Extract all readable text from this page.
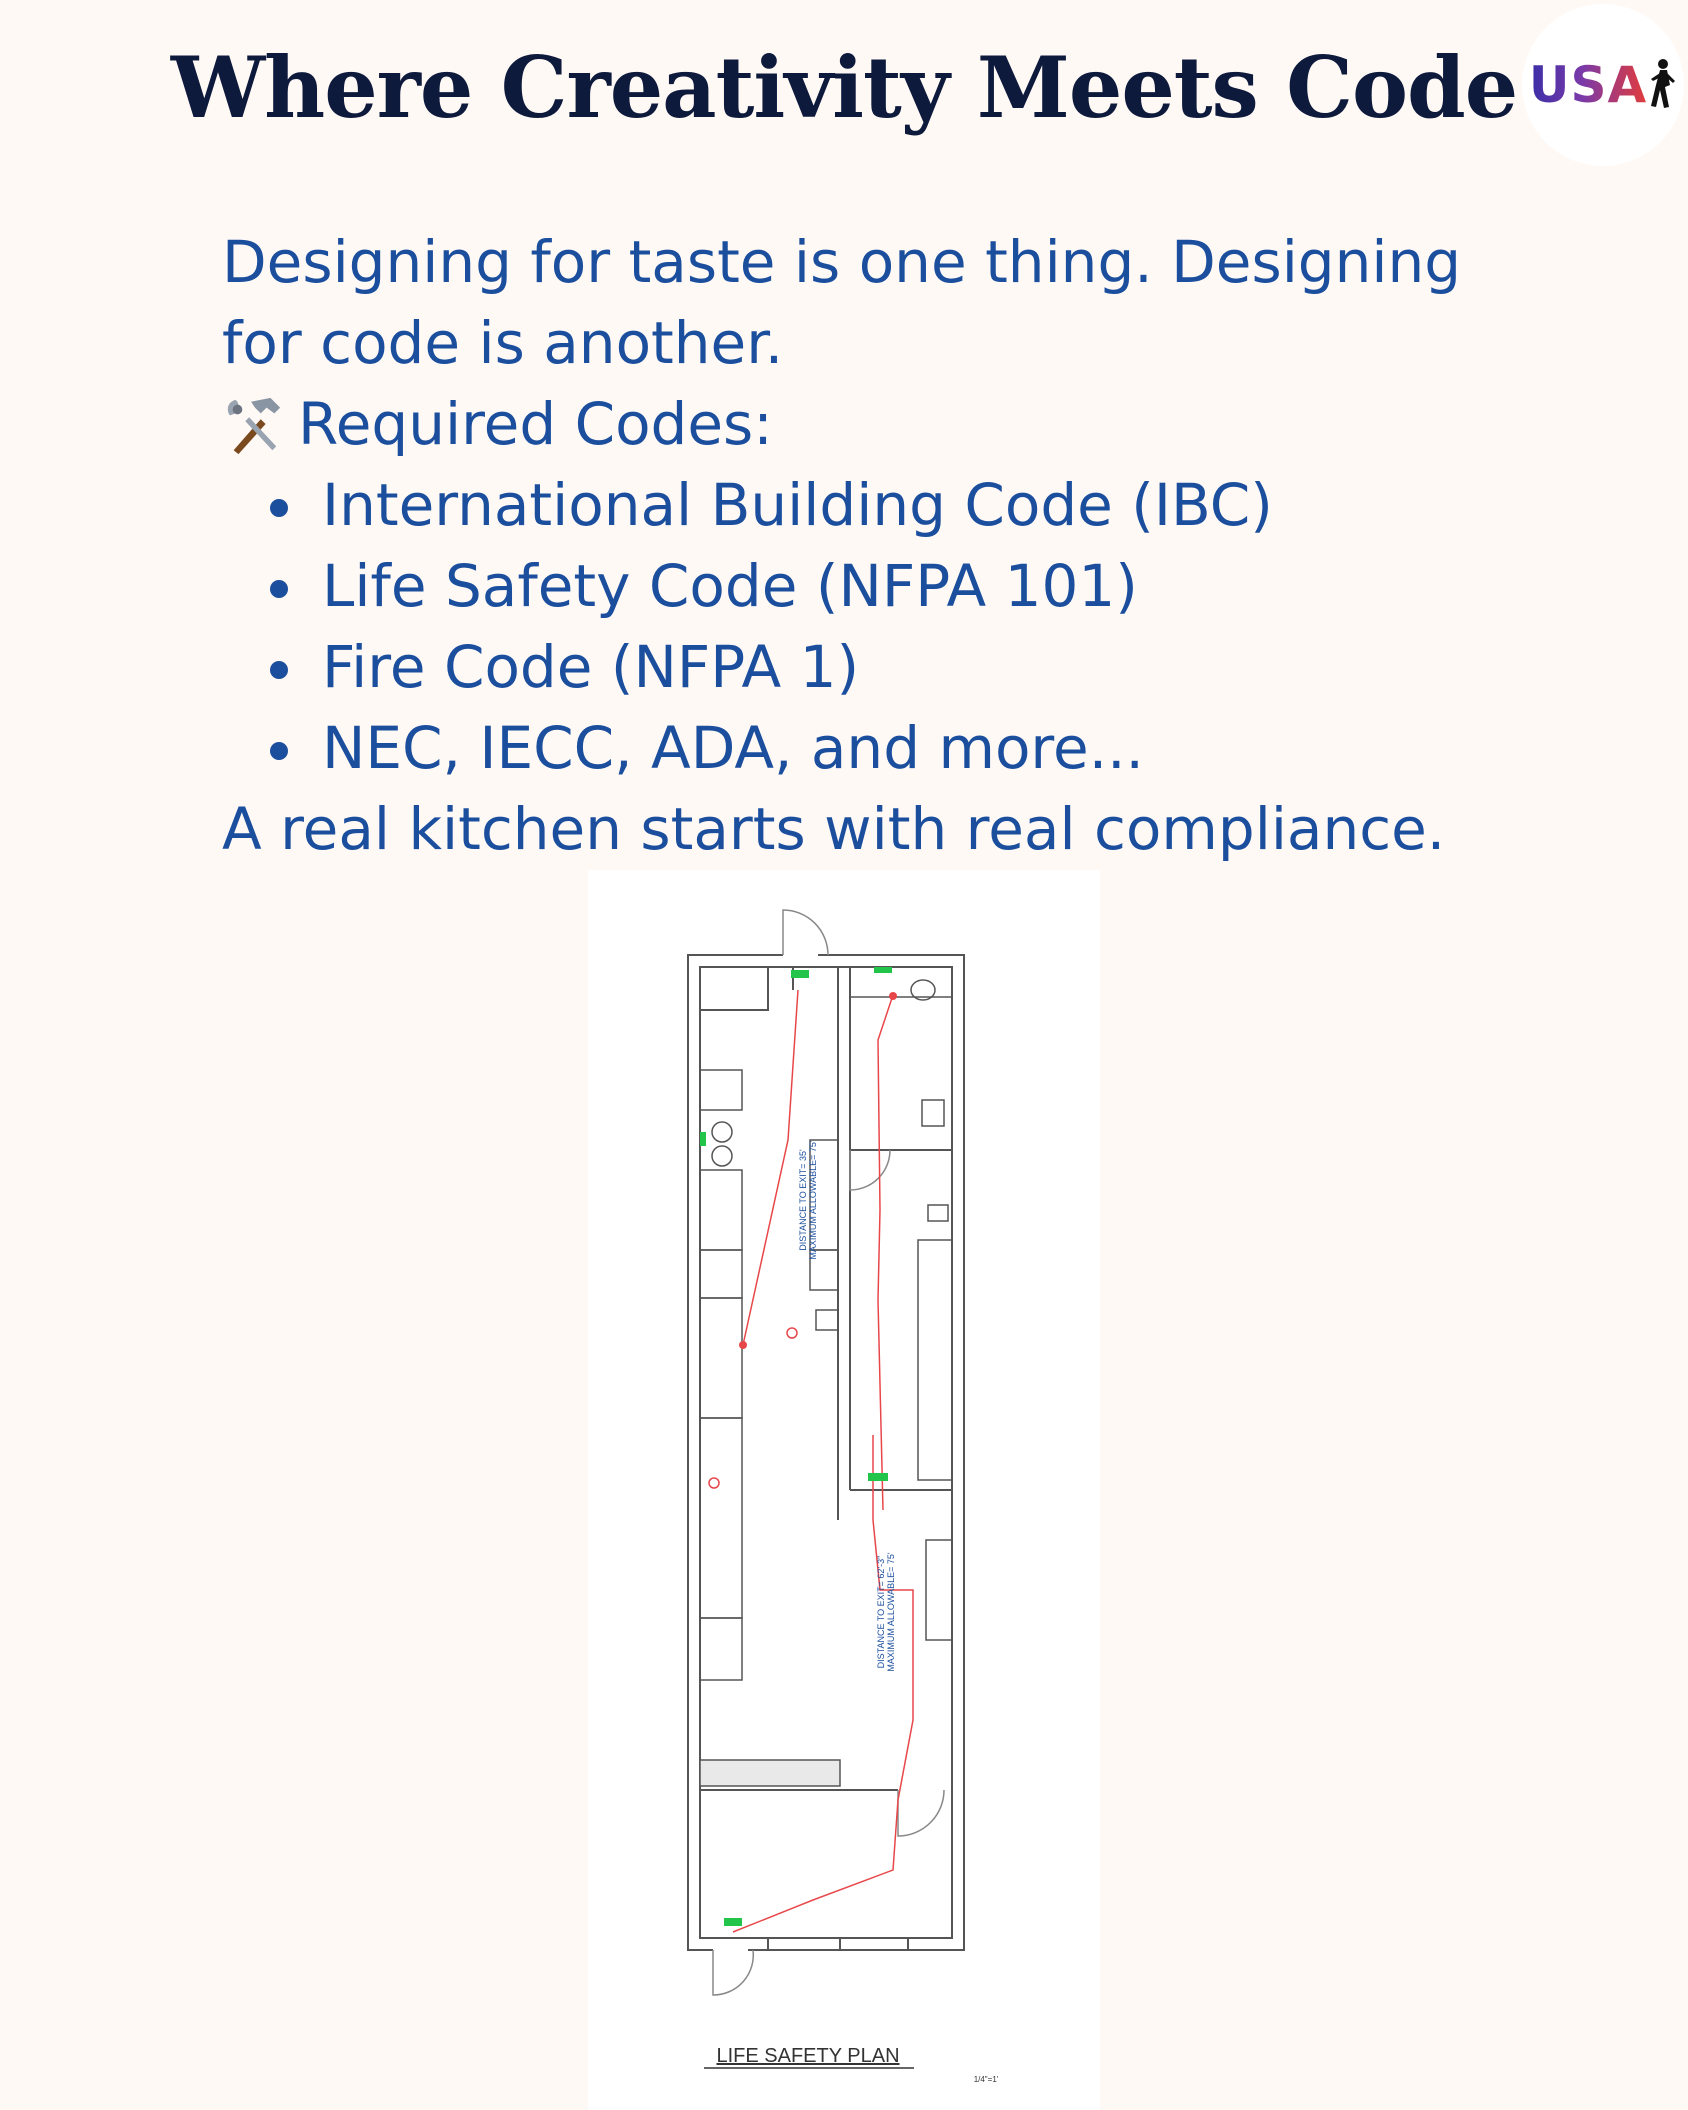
Where Creativity Meets Code USA

Designing for taste is one thing. Designing for code is another.

Required Codes:
International Building Code (IBC)
Life Safety Code (NFPA 101)
Fire Code (NFPA 1)
NEC, IECC, ADA, and more...

A real kitchen starts with real compliance.

DISTANCE TO EXIT= 35' MAXIMUM ALLOWABLE= 75'
DISTANCE TO EXIT= 62'-3" MAXIMUM ALLOWABLE= 75'
LIFE SAFETY PLAN
1/4"=1'
